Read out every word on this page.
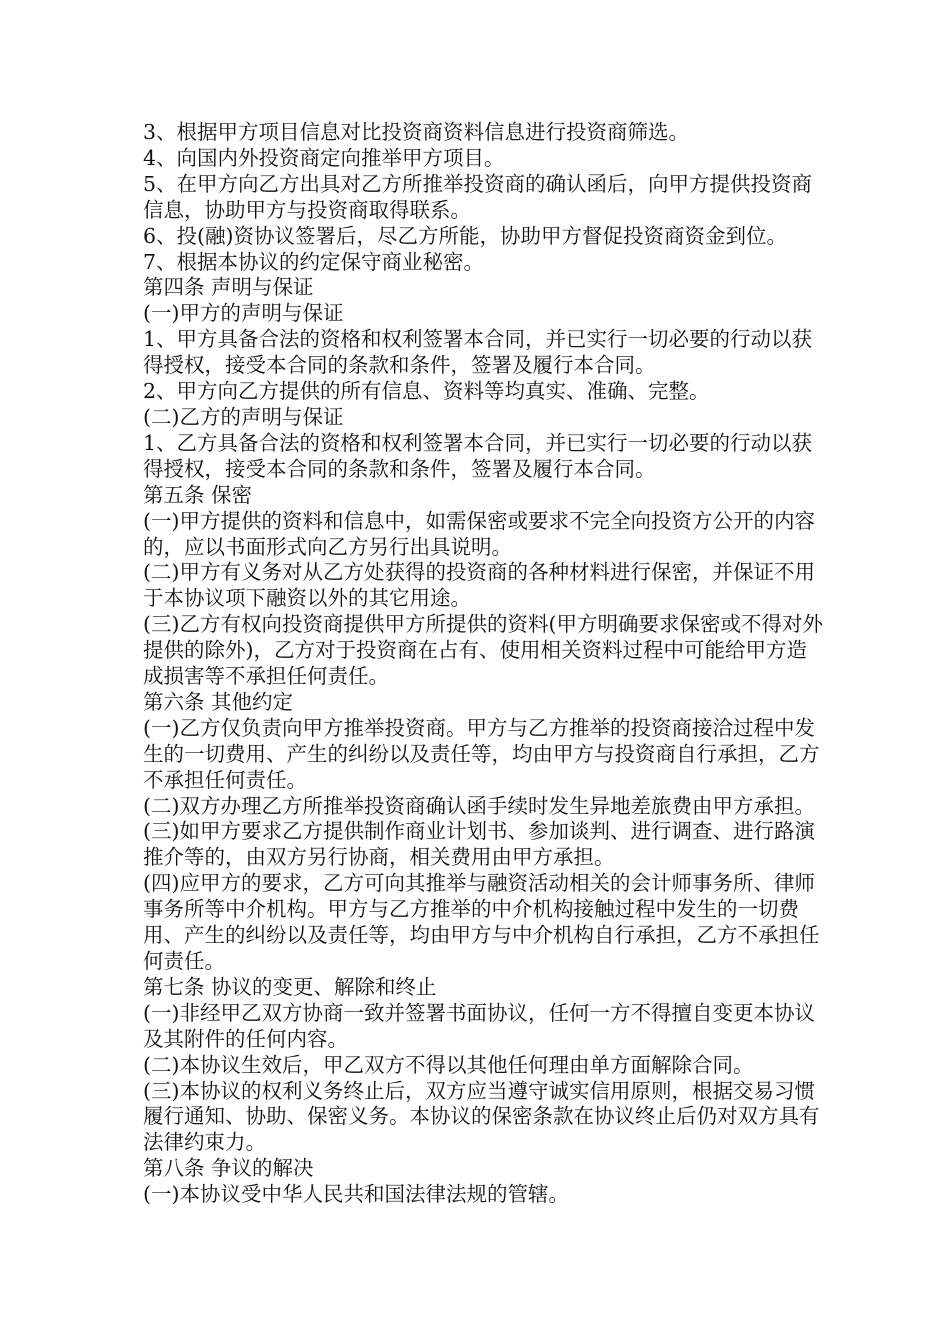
3、根据甲方项目信息对比投资商资料信息进行投资商筛选。

4、向国内外投资商定向推举甲方项目。

5、在甲方向乙方出具对乙方所推举投资商的确认函后，向甲方提供投资商信息，协助甲方与投资商取得联系。

6、投(融)资协议签署后，尽乙方所能，协助甲方督促投资商资金到位。

7、根据本协议的约定保守商业秘密。

第四条 声明与保证

(一)甲方的声明与保证

1、甲方具备合法的资格和权利签署本合同，并已实行一切必要的行动以获得授权，接受本合同的条款和条件，签署及履行本合同。

2、甲方向乙方提供的所有信息、资料等均真实、准确、完整。

(二)乙方的声明与保证

1、乙方具备合法的资格和权利签署本合同，并已实行一切必要的行动以获得授权，接受本合同的条款和条件，签署及履行本合同。

第五条 保密

(一)甲方提供的资料和信息中，如需保密或要求不完全向投资方公开的内容的，应以书面形式向乙方另行出具说明。

(二)甲方有义务对从乙方处获得的投资商的各种材料进行保密，并保证不用于本协议项下融资以外的其它用途。

(三)乙方有权向投资商提供甲方所提供的资料(甲方明确要求保密或不得对外提供的除外)，乙方对于投资商在占有、使用相关资料过程中可能给甲方造成损害等不承担任何责任。

第六条 其他约定

(一)乙方仅负责向甲方推举投资商。甲方与乙方推举的投资商接洽过程中发生的一切费用、产生的纠纷以及责任等，均由甲方与投资商自行承担，乙方不承担任何责任。

(二)双方办理乙方所推举投资商确认函手续时发生异地差旅费由甲方承担。

(三)如甲方要求乙方提供制作商业计划书、参加谈判、进行调查、进行路演推介等的，由双方另行协商，相关费用由甲方承担。

(四)应甲方的要求，乙方可向其推举与融资活动相关的会计师事务所、律师事务所等中介机构。甲方与乙方推举的中介机构接触过程中发生的一切费用、产生的纠纷以及责任等，均由甲方与中介机构自行承担，乙方不承担任何责任。

第七条 协议的变更、解除和终止

(一)非经甲乙双方协商一致并签署书面协议，任何一方不得擅自变更本协议及其附件的任何内容。

(二)本协议生效后，甲乙双方不得以其他任何理由单方面解除合同。

(三)本协议的权利义务终止后，双方应当遵守诚实信用原则，根据交易习惯履行通知、协助、保密义务。本协议的保密条款在协议终止后仍对双方具有法律约束力。

第八条 争议的解决

(一)本协议受中华人民共和国法律法规的管辖。
